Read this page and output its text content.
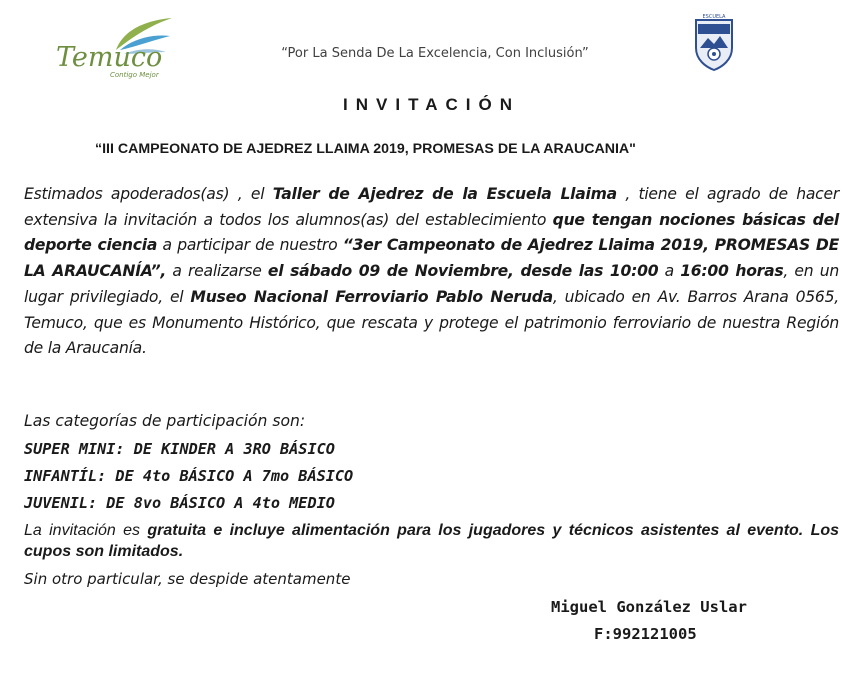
Temuco
Contigo Mejor
ESCUELA
“Por La Senda De La Excelencia, Con Inclusión”
INVITACIÓN
“III CAMPEONATO DE AJEDREZ LLAIMA 2019, PROMESAS DE LA ARAUCANIA"
Estimados apoderados(as) , el Taller de Ajedrez de la Escuela Llaima , tiene el agrado de hacer extensiva la invitación a todos los alumnos(as) del establecimiento que tengan nociones básicas del deporte ciencia a participar de nuestro “3er Campeonato de Ajedrez Llaima 2019, PROMESAS DE LA ARAUCANÍA”, a realizarse el sábado 09 de Noviembre, desde las 10:00 a 16:00 horas, en un lugar privilegiado, el Museo Nacional Ferroviario Pablo Neruda, ubicado en Av. Barros Arana 0565, Temuco, que es Monumento Histórico, que rescata y protege el patrimonio ferroviario de nuestra Región de la Araucanía.
Las categorías de participación son:
SUPER MINI: DE KINDER A 3RO BÁSICO
INFANTÍL: DE 4to BÁSICO A 7mo BÁSICO
JUVENIL: DE 8vo BÁSICO A 4to MEDIO
La invitación es gratuita e incluye alimentación para los jugadores y técnicos asistentes al evento. Los cupos son limitados.
Sin otro particular, se despide atentamente
Miguel González Uslar
F:992121005
